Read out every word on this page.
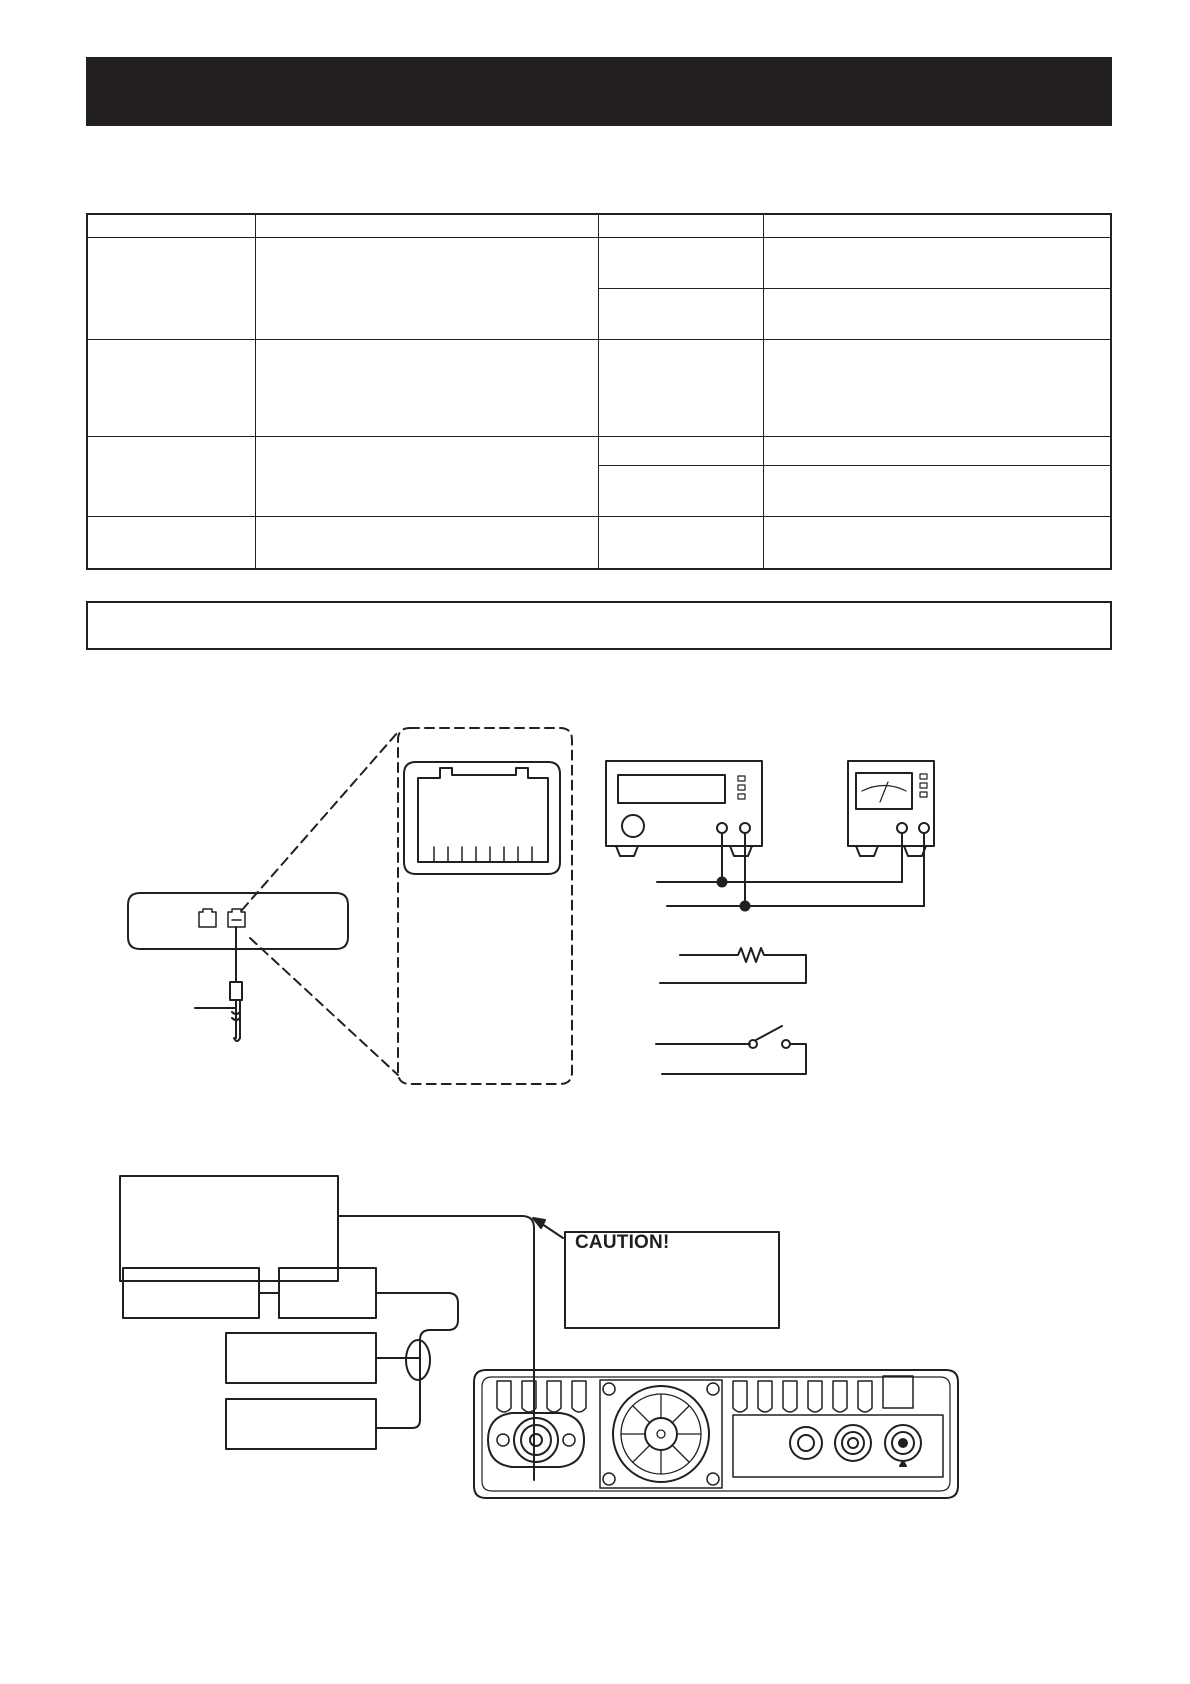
CAUTION!
